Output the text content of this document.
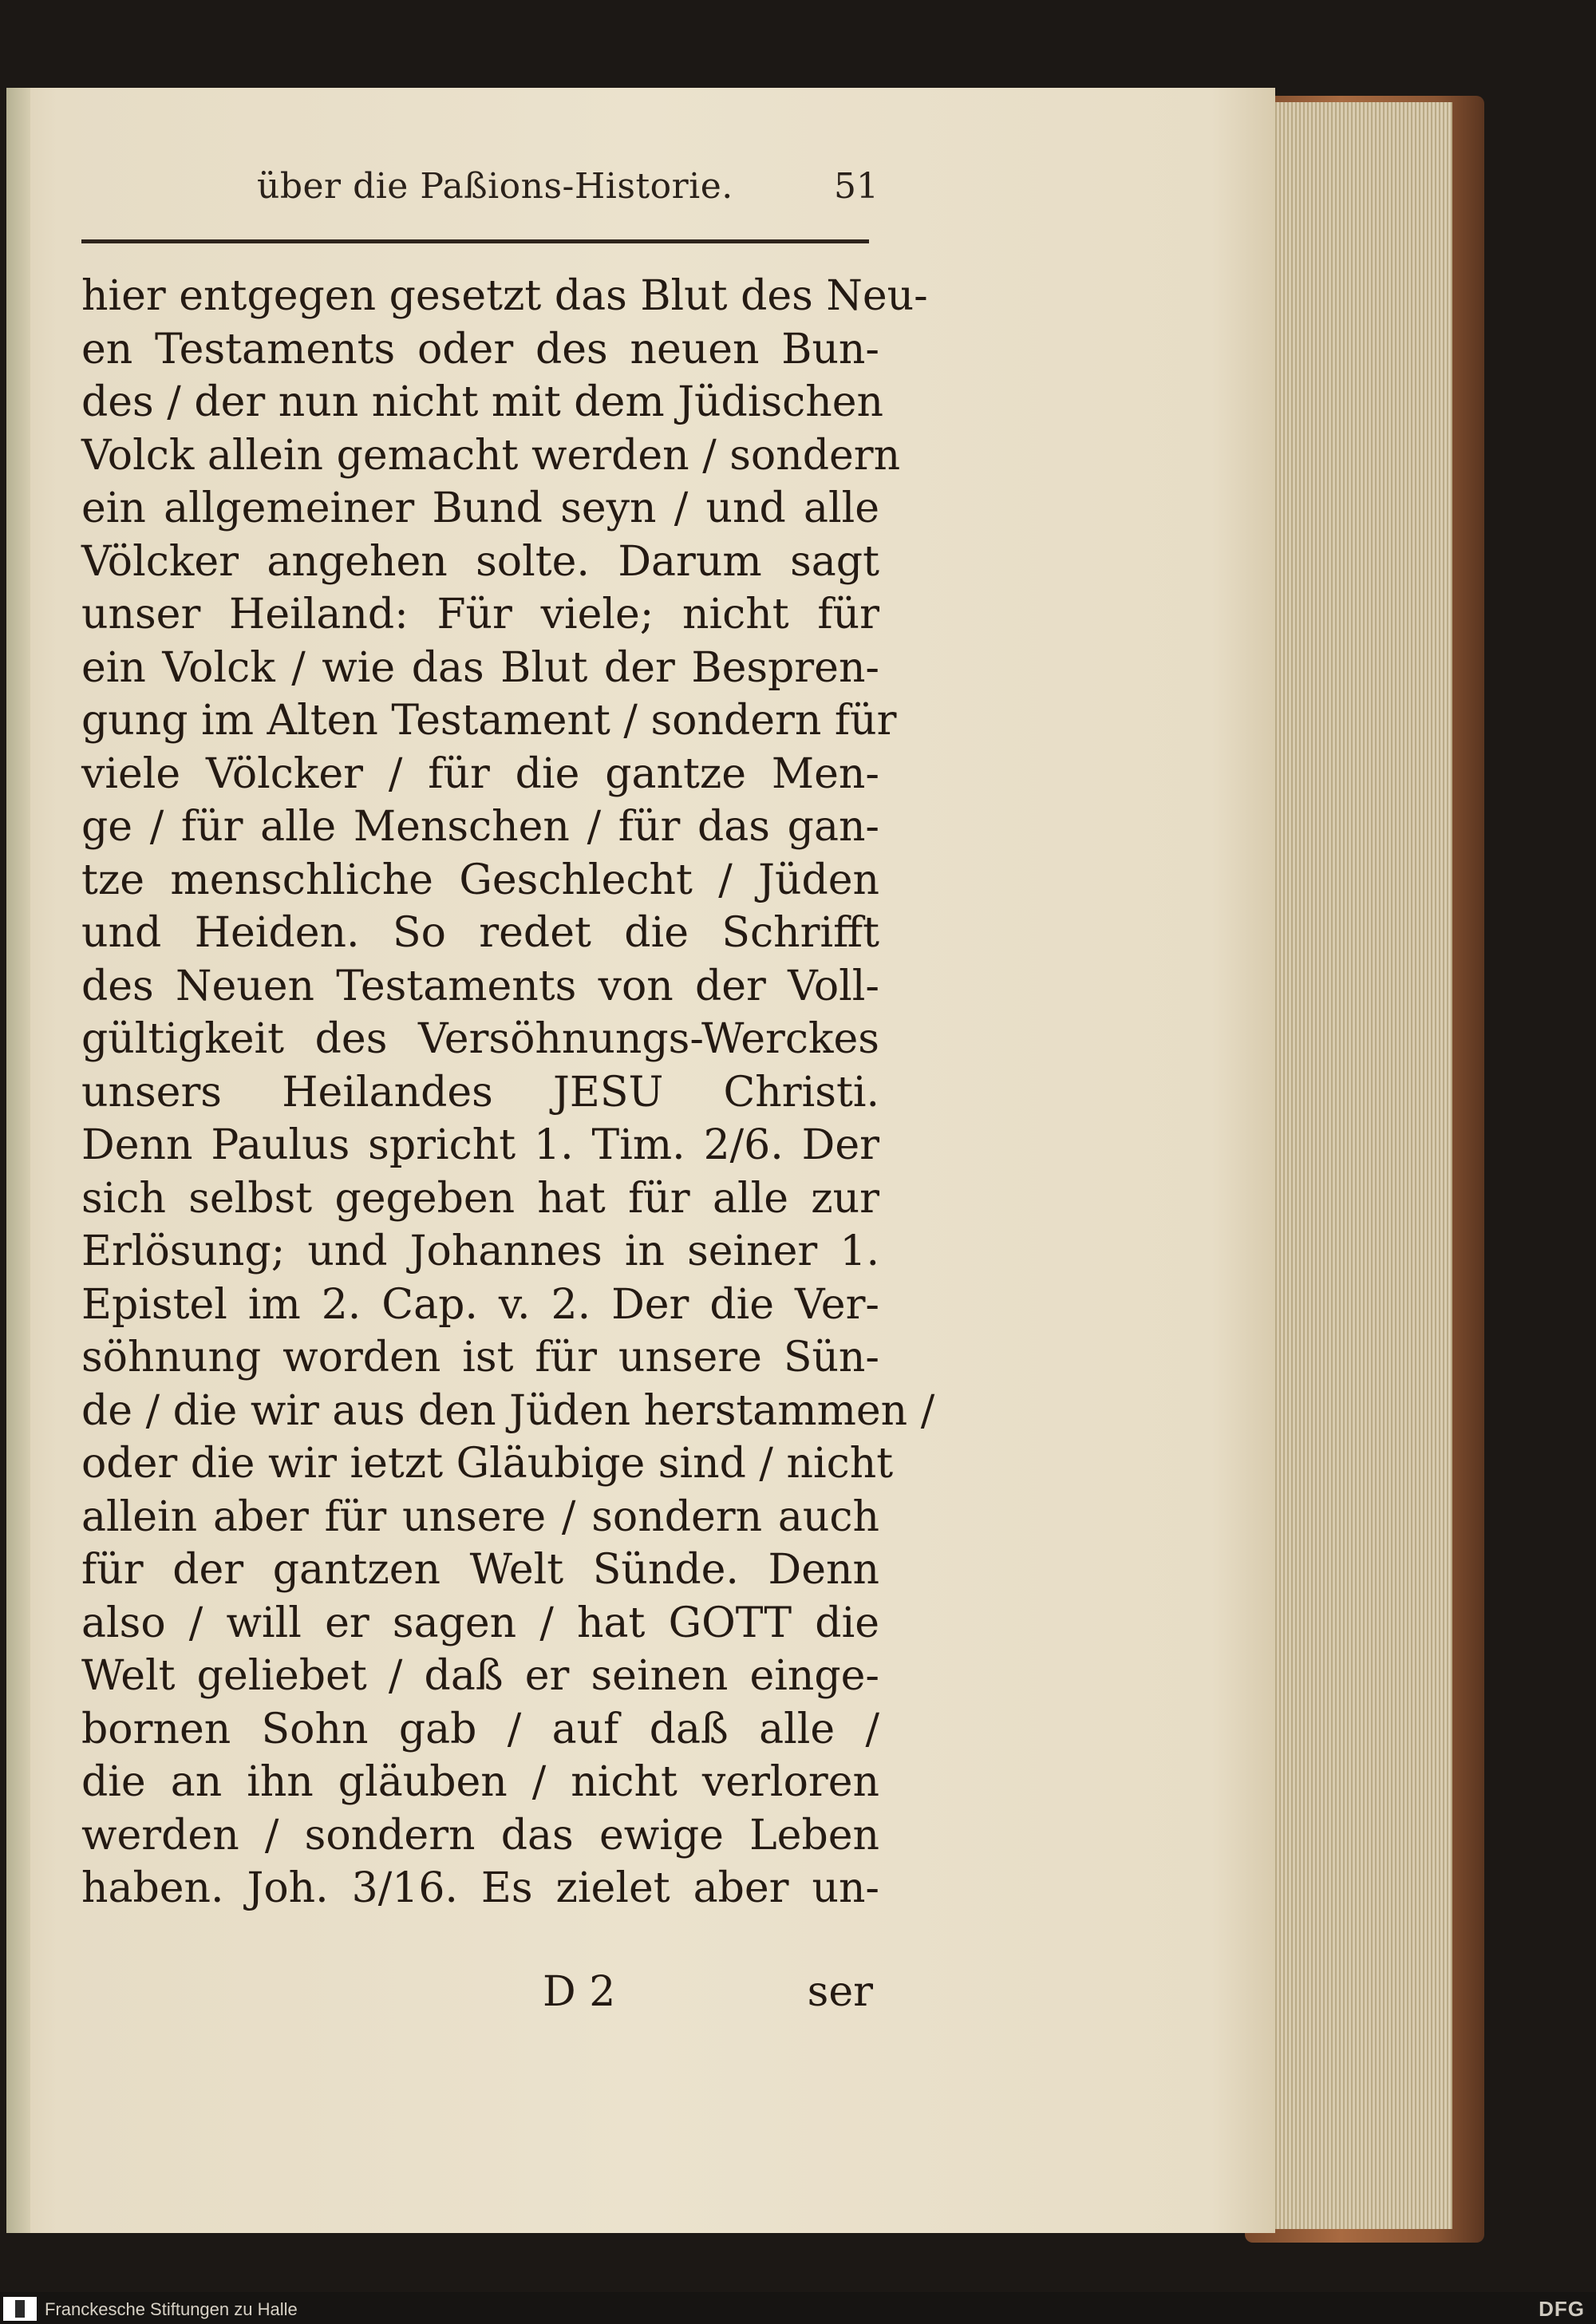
über die Paßions-Historie.	51
hier entgegen gesetzt das Blut des Neu-
en Testaments oder des neuen Bun-
des / der nun nicht mit dem Jüdischen
Volck allein gemacht werden / sondern
ein allgemeiner Bund seyn / und alle
Völcker angehen solte. Darum sagt
unser Heiland: Für viele; nicht für
ein Volck / wie das Blut der Bespren-
gung im Alten Testament / sondern für
viele Völcker / für die gantze Men-
ge / für alle Menschen / für das gan-
tze menschliche Geschlecht / Jüden
und Heiden. So redet die Schrifft
des Neuen Testaments von der Voll-
gültigkeit des Versöhnungs-Werckes
unsers Heilandes JESU Christi.
Denn Paulus spricht 1. Tim. 2/6. Der
sich selbst gegeben hat für alle zur
Erlösung; und Johannes in seiner 1.
Epistel im 2. Cap. v. 2. Der die Ver-
söhnung worden ist für unsere Sün-
de / die wir aus den Jüden herstammen /
oder die wir ietzt Gläubige sind / nicht
allein aber für unsere / sondern auch
für der gantzen Welt Sünde. Denn
also / will er sagen / hat GOTT die
Welt geliebet / daß er seinen einge-
bornen Sohn gab / auf daß alle /
die an ihn gläuben / nicht verloren
werden / sondern das ewige Leben
haben. Joh. 3/16. Es zielet aber un-
D 2	ser
Franckesche Stiftungen zu Halle	DFG
